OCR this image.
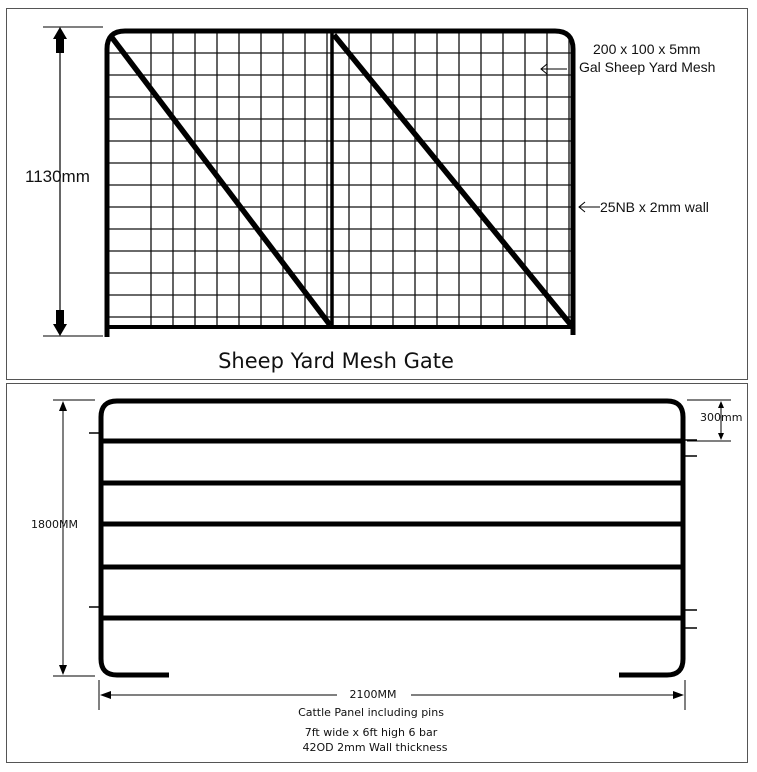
1130mm
200 x 100 x 5mm
Gal Sheep Yard Mesh
25NB x 2mm wall
Sheep Yard Mesh Gate
1800MM
300mm
2100MM
Cattle Panel including pins
7ft wide x 6ft high 6 bar
42OD 2mm Wall thickness
